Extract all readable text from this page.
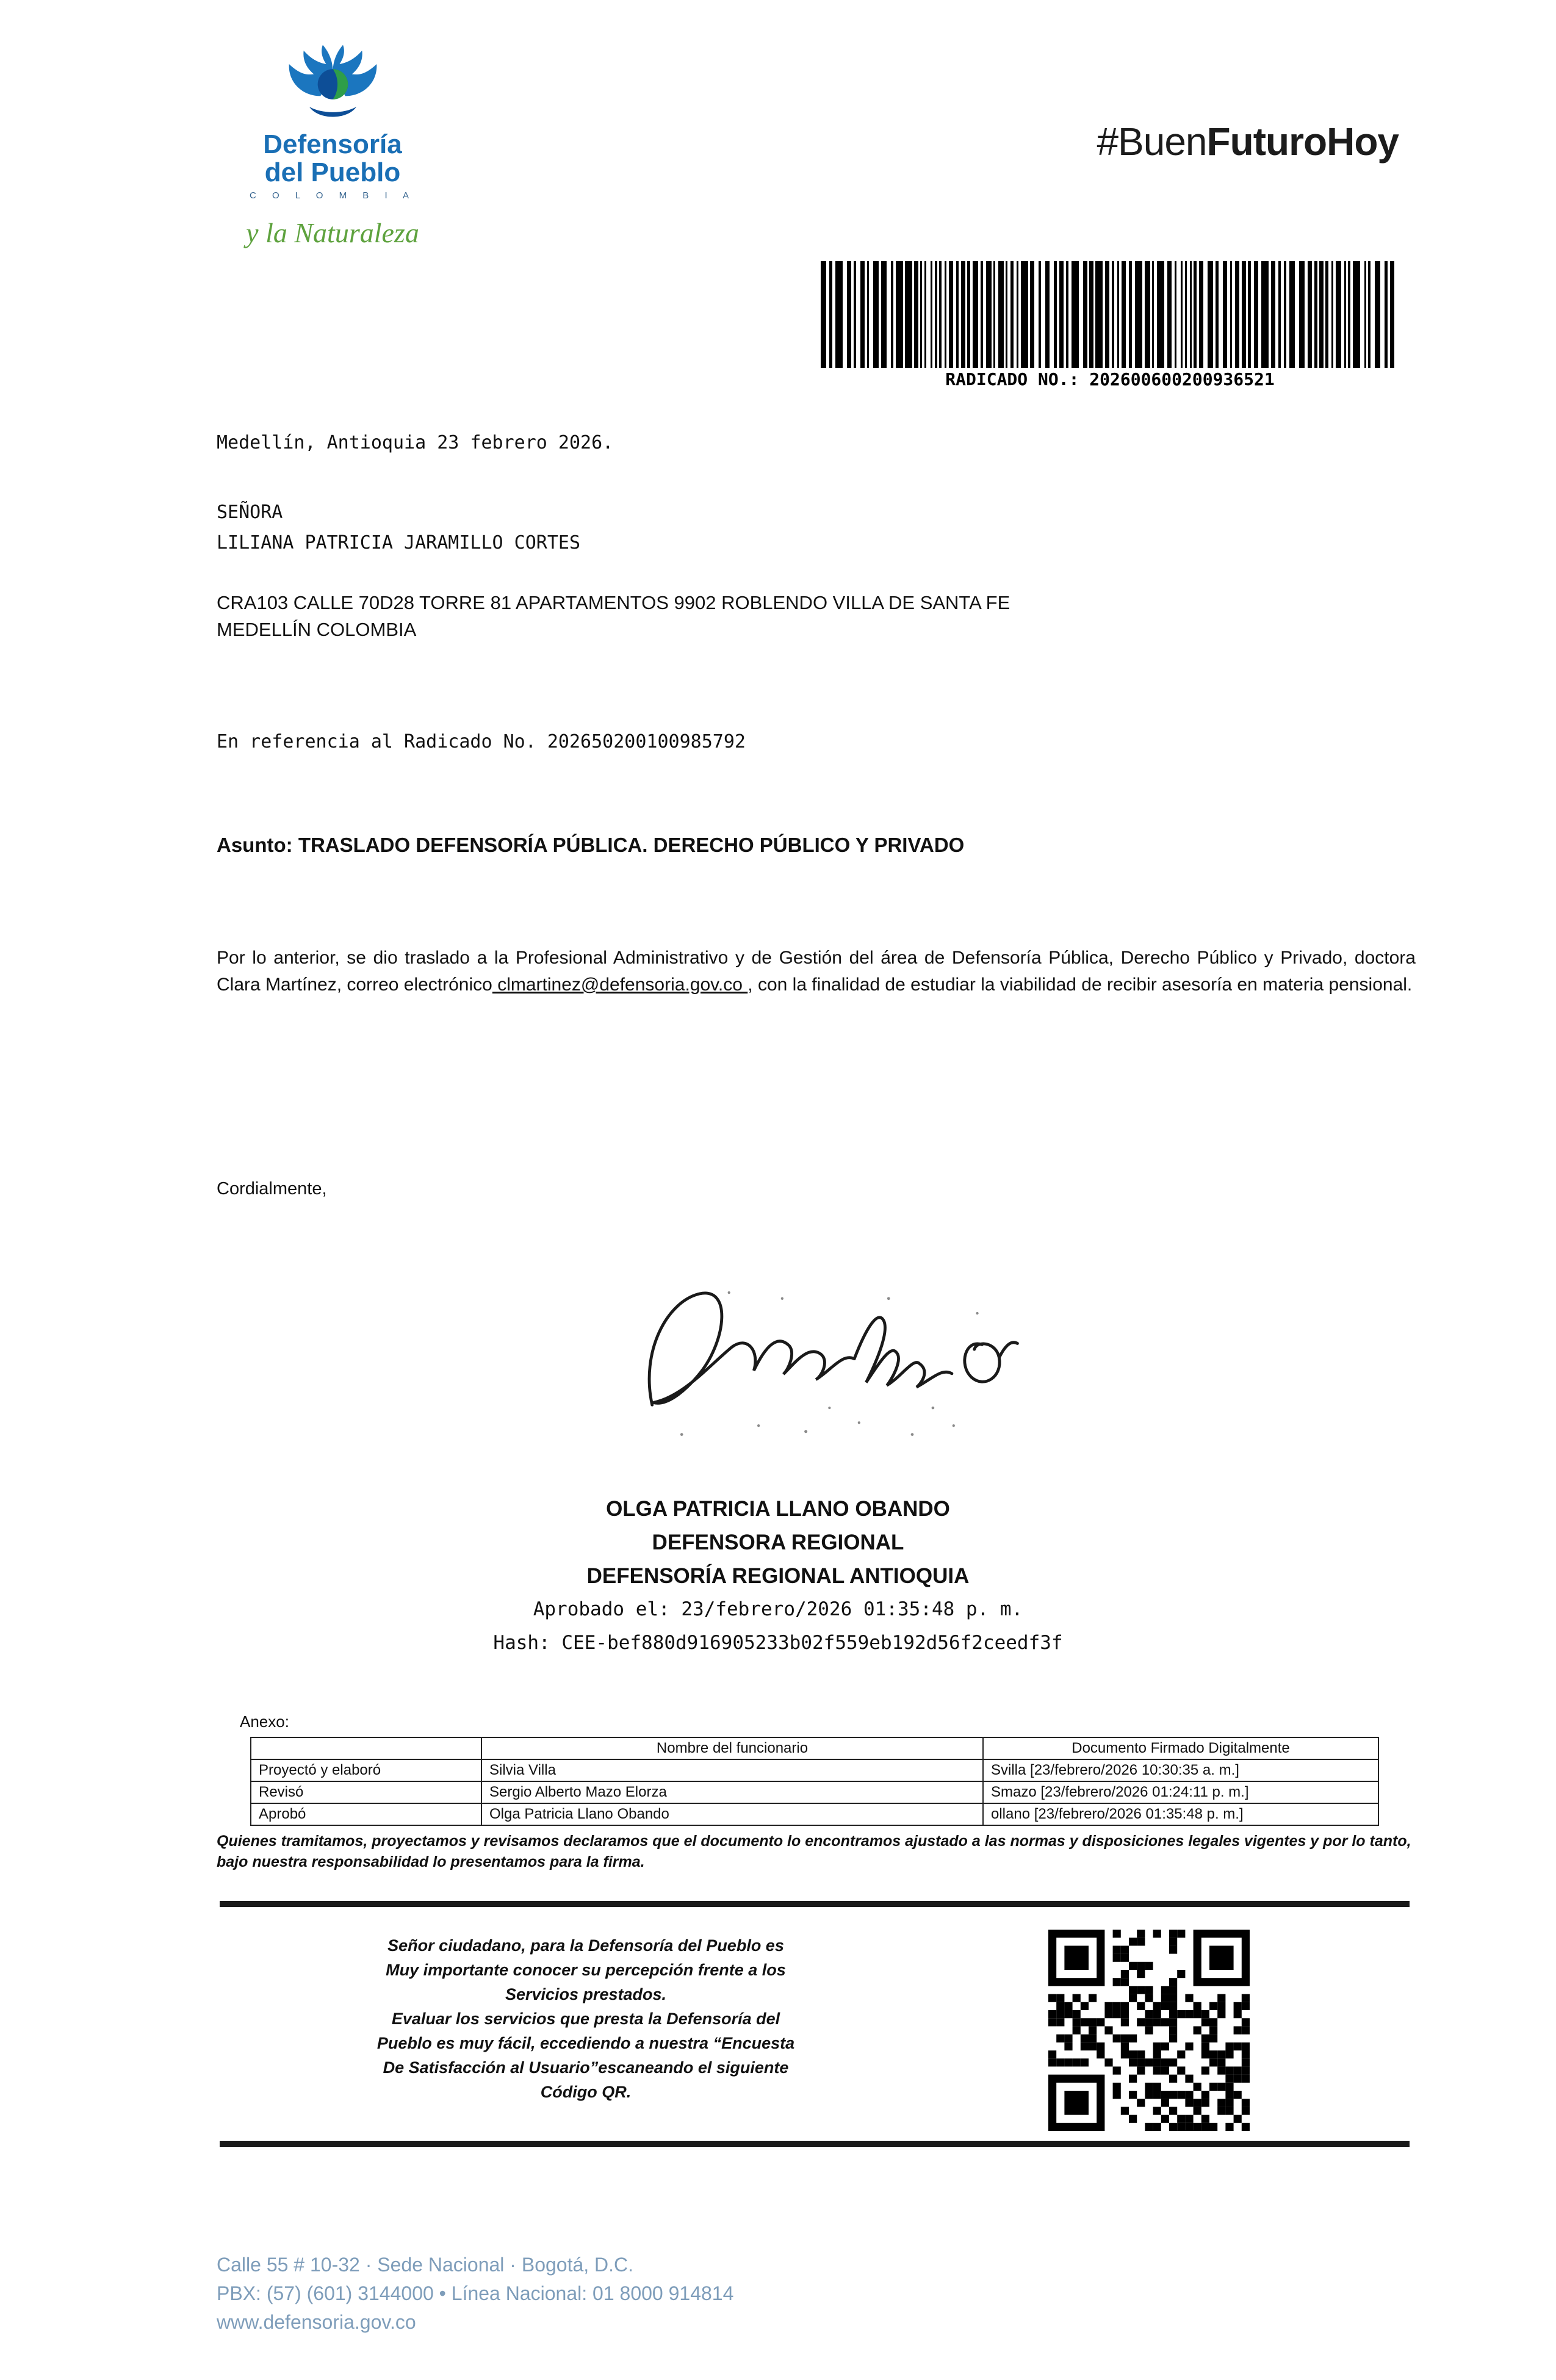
Defensoría
del Pueblo
C O L O M B I A
y la Naturaleza
#BuenFuturoHoy
RADICADO NO.: 202600600200936521
Medellín, Antioquia 23 febrero 2026.
SEÑORA
LILIANA PATRICIA JARAMILLO CORTES
CRA103 CALLE 70D28 TORRE 81 APARTAMENTOS 9902 ROBLENDO VILLA DE SANTA FE
MEDELLÍN COLOMBIA
En referencia al Radicado No. 202650200100985792
Asunto: TRASLADO DEFENSORÍA PÚBLICA. DERECHO PÚBLICO Y PRIVADO
Por lo anterior, se dio traslado a la Profesional Administrativo y de Gestión del área de Defensoría Pública, Derecho Público y Privado, doctora Clara Martínez, correo electrónico clmartinez@defensoria.gov.co , con la finalidad de estudiar la viabilidad de recibir asesoría en materia pensional.
Cordialmente,
OLGA PATRICIA LLANO OBANDO
DEFENSORA REGIONAL
DEFENSORÍA REGIONAL ANTIOQUIA
Aprobado el: 23/febrero/2026 01:35:48 p. m.
Hash: CEE-bef880d916905233b02f559eb192d56f2ceedf3f
Anexo:
	Nombre del funcionario	Documento Firmado Digitalmente
Proyectó y elaboró	Silvia Villa	Svilla [23/febrero/2026 10:30:35 a. m.]
Revisó	Sergio Alberto Mazo Elorza	Smazo [23/febrero/2026 01:24:11 p. m.]
Aprobó	Olga Patricia Llano Obando	ollano [23/febrero/2026 01:35:48 p. m.]
Quienes tramitamos, proyectamos y revisamos declaramos que el documento lo encontramos ajustado a las normas y disposiciones legales vigentes y por lo tanto, bajo nuestra responsabilidad lo presentamos para la firma.
Señor ciudadano, para la Defensoría del Pueblo es
Muy importante conocer su percepción frente a los
Servicios prestados.
Evaluar los servicios que presta la Defensoría del
Pueblo es muy fácil, eccediendo a nuestra “Encuesta
De Satisfacción al Usuario”escaneando el siguiente
Código QR.
Calle 55 # 10-32 · Sede Nacional · Bogotá, D.C.
PBX: (57) (601) 3144000 • Línea Nacional: 01 8000 914814
www.defensoria.gov.co
